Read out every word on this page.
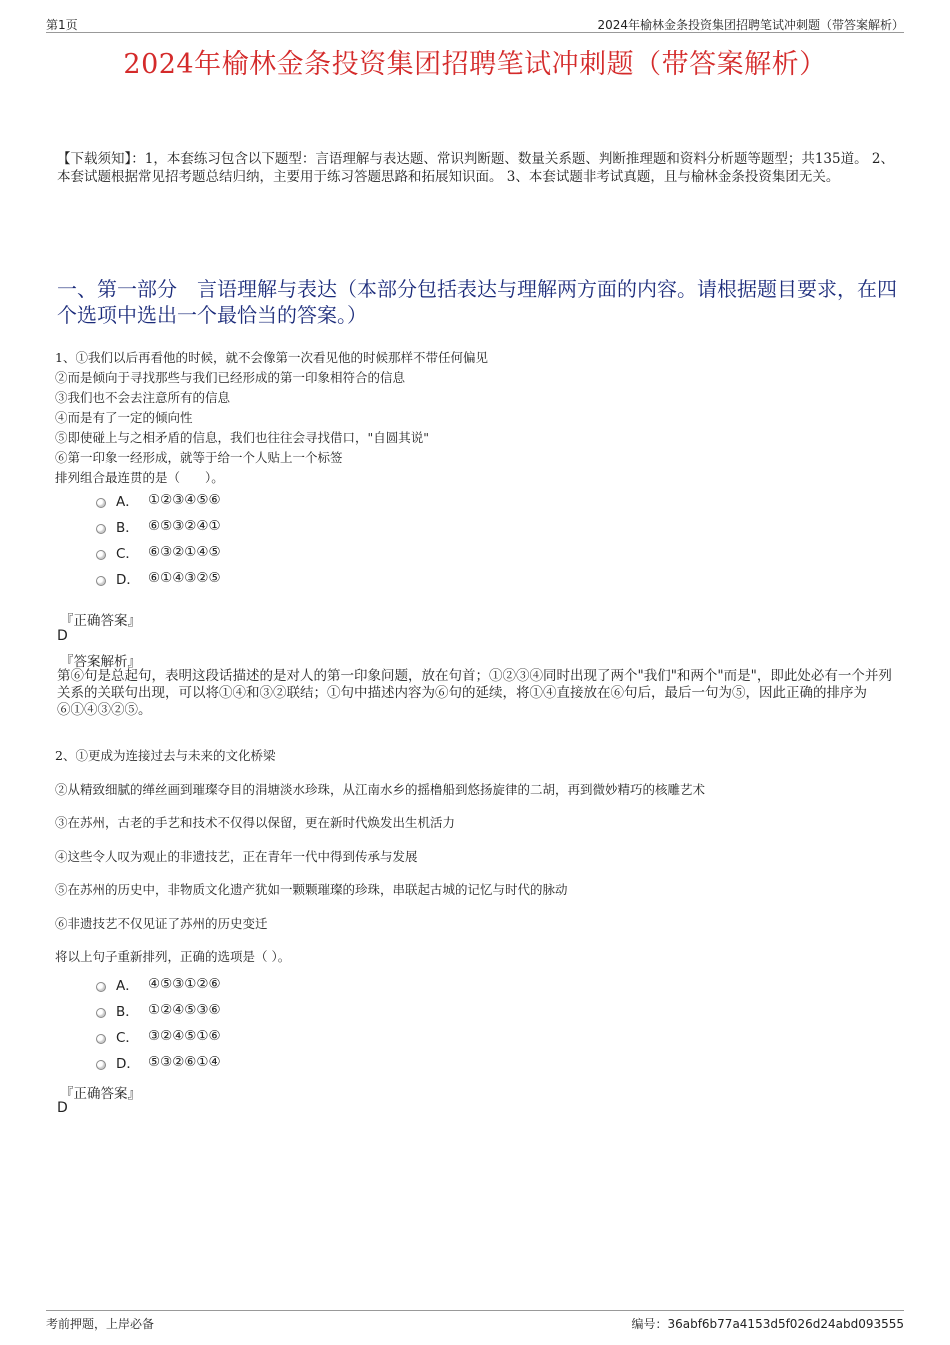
第1页	2024年榆林金条投资集团招聘笔试冲刺题（带答案解析）
2024年榆林金条投资集团招聘笔试冲刺题（带答案解析）
【下载须知】：1，本套练习包含以下题型：言语理解与表达题、常识判断题、数量关系题、判断推理题和资料分析题等题型；共135道。 2、本套试题根据常见招考题总结归纳，主要用于练习答题思路和拓展知识面。 3、本套试题非考试真题，且与榆林金条投资集团无关。
一、第一部分　言语理解与表达（本部分包括表达与理解两方面的内容。请根据题目要求，在四个选项中选出一个最恰当的答案。）
1、①我们以后再看他的时候，就不会像第一次看见他的时候那样不带任何偏见
②而是倾向于寻找那些与我们已经形成的第一印象相符合的信息
③我们也不会去注意所有的信息
④而是有了一定的倾向性
⑤即使碰上与之相矛盾的信息，我们也往往会寻找借口，"自圆其说"
⑥第一印象一经形成，就等于给一个人贴上一个标签
排列组合最连贯的是（　　）。
A． ①②③④⑤⑥
B． ⑥⑤③②④①
C． ⑥③②①④⑤
D． ⑥①④③②⑤
『正确答案』
D
『答案解析』
第⑥句是总起句，表明这段话描述的是对人的第一印象问题，放在句首；①②③④同时出现了两个"我们"和两个"而是"，即此处必有一个并列关系的关联句出现，可以将①④和③②联结；①句中描述内容为⑥句的延续，将①④直接放在⑥句后，最后一句为⑤，因此正确的排序为⑥①④③②⑤。
2、①更成为连接过去与未来的文化桥梁
②从精致细腻的缂丝画到璀璨夺目的涓塘淡水珍珠，从江南水乡的摇橹船到悠扬旋律的二胡，再到微妙精巧的核雕艺术
③在苏州，古老的手艺和技术不仅得以保留，更在新时代焕发出生机活力
④这些令人叹为观止的非遗技艺，正在青年一代中得到传承与发展
⑤在苏州的历史中，非物质文化遗产犹如一颗颗璀璨的珍珠，串联起古城的记忆与时代的脉动
⑥非遗技艺不仅见证了苏州的历史变迁
将以上句子重新排列，正确的选项是（ ）。
A． ④⑤③①②⑥
B． ①②④⑤③⑥
C． ③②④⑤①⑥
D． ⑤③②⑥①④
『正确答案』
D
考前押题，上岸必备	编号：36abf6b77a4153d5f026d24abd093555
